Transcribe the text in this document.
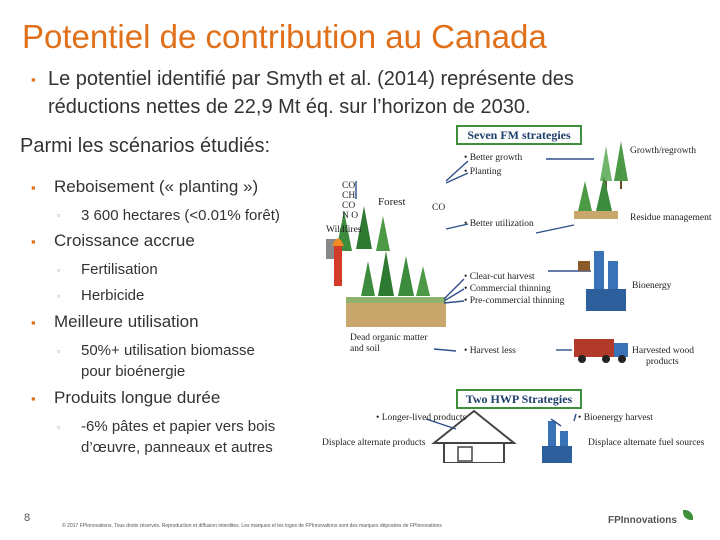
Potentiel de contribution au Canada
▪ Le potentiel identifié par Smyth et al. (2014) représente des
réductions nettes de 22,9 Mt éq. sur l’horizon de 2030.
Parmi les scénarios étudiés:
▪ Reboisement (« planting »)
▫ 3 600 hectares (<0.01% forêt)
▪ Croissance accrue
▫ Fertilisation
▫ Herbicide
▪ Meilleure utilisation
▫ 50%+ utilisation biomasse
pour bioénergie
▪ Produits longue durée
▫ -6% pâtes et papier vers bois
d’œuvre, panneaux et autres
Seven FM strategies
Two HWP Strategies
• Better growth
• Planting
• Better utilization
• Clear-cut harvest
• Commercial thinning
• Pre-commercial thinning
• Harvest less
CO
CH
CO
N O
CO
Forest
Wildfires
Dead organic matter
and soil
Growth/regrowth
Residue management
Bioenergy
Harvested wood
products
• Longer-lived products
Displace alternate products
• Bioenergy harvest
Displace alternate fuel sources
8
© 2017 FPInnovations. Tous droits réservés. Reproduction et diffusion interdites. Les marques et les logos de FPInnovations sont des marques déposées de FPInnovations	FPInnovations
